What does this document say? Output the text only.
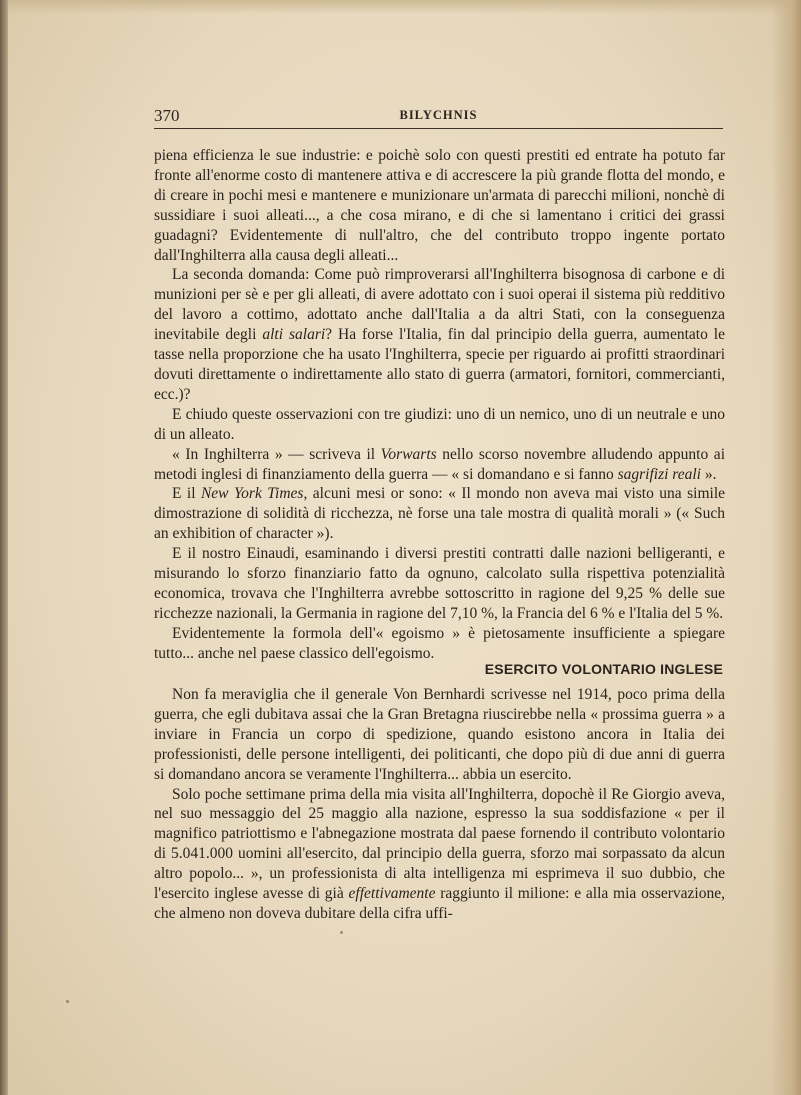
370	BILYCHNIS

piena efficienza le sue industrie: e poichè solo con questi prestiti ed entrate ha potuto far fronte all'enorme costo di mantenere attiva e di accrescere la più grande flotta del mondo, e di creare in pochi mesi e mantenere e munizionare un'armata di parecchi milioni, nonchè di sussidiare i suoi alleati..., a che cosa mirano, e di che si lamentano i critici dei grassi guadagni? Evidentemente di null'altro, che del contributo troppo ingente portato dall'Inghilterra alla causa degli alleati...

La seconda domanda: Come può rimproverarsi all'Inghilterra bisognosa di carbone e di munizioni per sè e per gli alleati, di avere adottato con i suoi operai il sistema più redditivo del lavoro a cottimo, adottato anche dall'Italia a da altri Stati, con la conseguenza inevitabile degli alti salari? Ha forse l'Italia, fin dal principio della guerra, aumentato le tasse nella proporzione che ha usato l'Inghilterra, specie per riguardo ai profitti straordinari dovuti direttamente o indirettamente allo stato di guerra (armatori, fornitori, commercianti, ecc.)?

E chiudo queste osservazioni con tre giudizi: uno di un nemico, uno di un neutrale e uno di un alleato.

« In Inghilterra » — scriveva il Vorwarts nello scorso novembre alludendo appunto ai metodi inglesi di finanziamento della guerra — « si domandano e si fanno sagrifizi reali ».

E il New York Times, alcuni mesi or sono: « Il mondo non aveva mai visto una simile dimostrazione di solidità di ricchezza, nè forse una tale mostra di qualità morali » (« Such an exhibition of character »).

E il nostro Einaudi, esaminando i diversi prestiti contratti dalle nazioni belligeranti, e misurando lo sforzo finanziario fatto da ognuno, calcolato sulla rispettiva potenzialità economica, trovava che l'Inghilterra avrebbe sottoscritto in ragione del 9,25 % delle sue ricchezze nazionali, la Germania in ragione del 7,10 %, la Francia del 6 % e l'Italia del 5 %.

Evidentemente la formola dell'« egoismo » è pietosamente insufficiente a spiegare tutto... anche nel paese classico dell'egoismo.

ESERCITO VOLONTARIO INGLESE

Non fa meraviglia che il generale Von Bernhardi scrivesse nel 1914, poco prima della guerra, che egli dubitava assai che la Gran Bretagna riuscirebbe nella « prossima guerra » a inviare in Francia un corpo di spedizione, quando esistono ancora in Italia dei professionisti, delle persone intelligenti, dei politicanti, che dopo più di due anni di guerra si domandano ancora se veramente l'Inghilterra... abbia un esercito.

Solo poche settimane prima della mia visita all'Inghilterra, dopochè il Re Giorgio aveva, nel suo messaggio del 25 maggio alla nazione, espresso la sua soddisfazione « per il magnifico patriottismo e l'abnegazione mostrata dal paese fornendo il contributo volontario di 5.041.000 uomini all'esercito, dal principio della guerra, sforzo mai sorpassato da alcun altro popolo... », un professionista di alta intelligenza mi esprimeva il suo dubbio, che l'esercito inglese avesse di già effettivamente raggiunto il milione: e alla mia osservazione, che almeno non doveva dubitare della cifra uffi-
